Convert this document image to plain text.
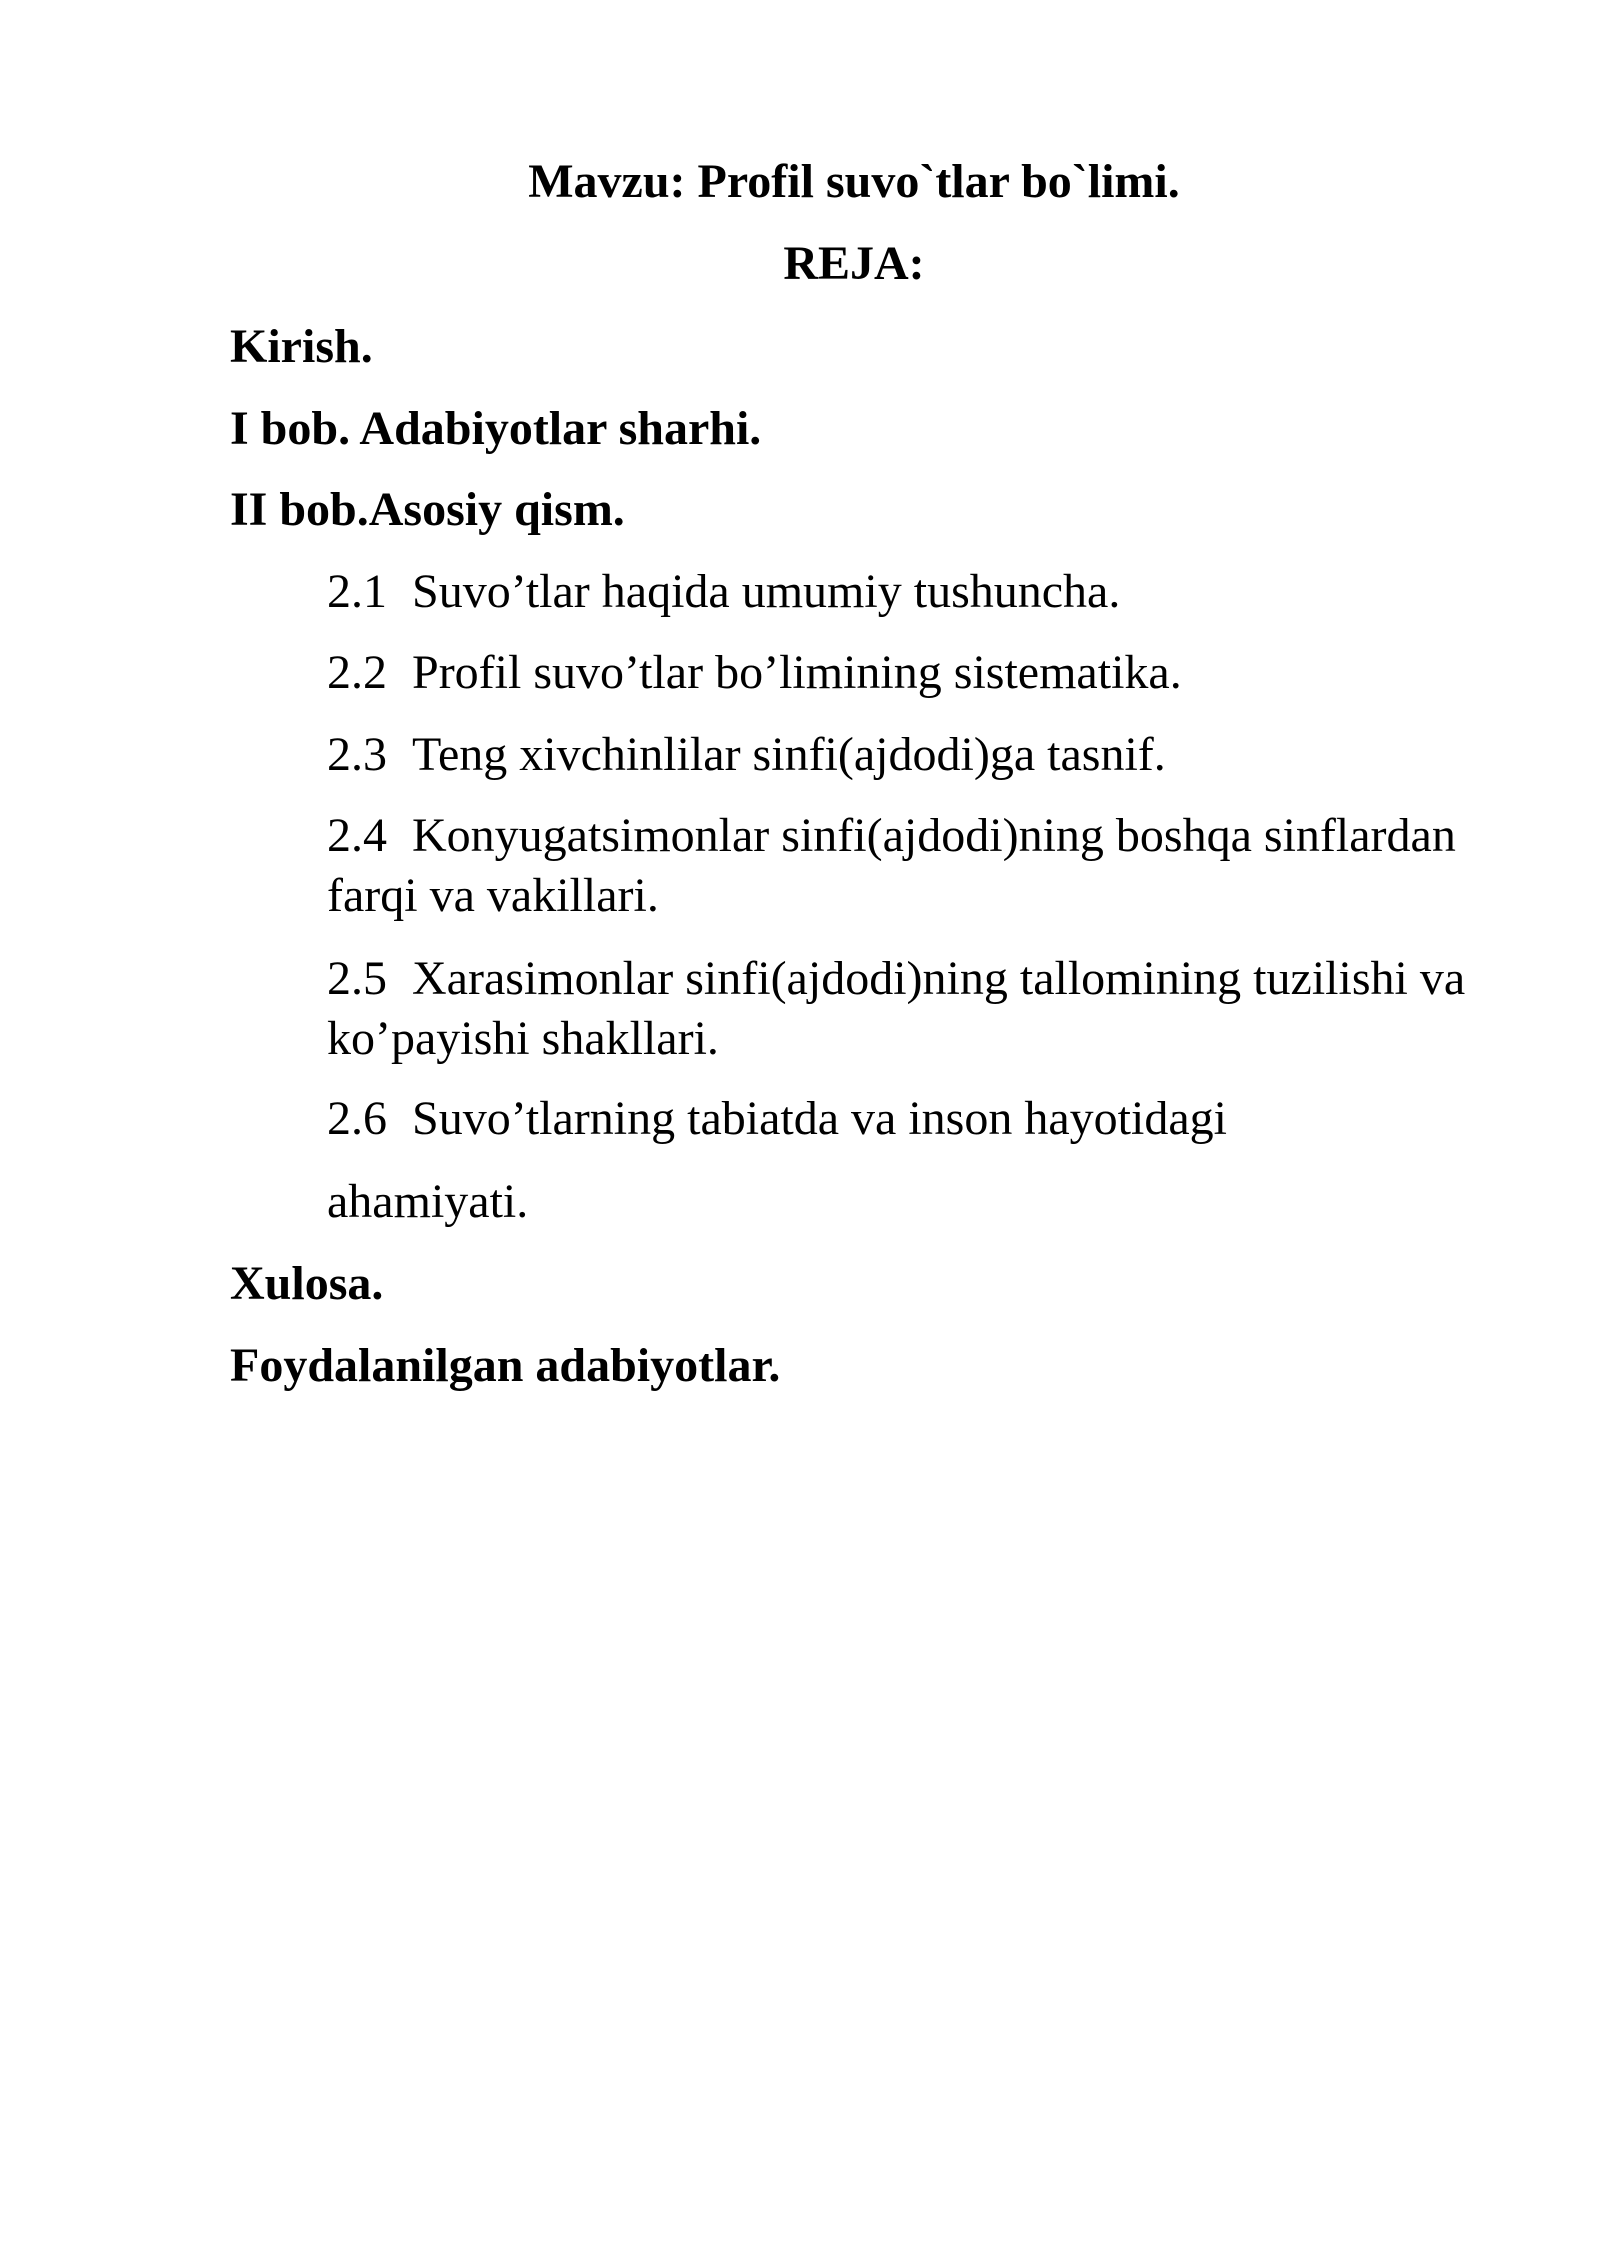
Mavzu: Profil suvo`tlar bo`limi.
REJA:
Kirish.
I bob. Adabiyotlar sharhi.
II bob.Asosiy qism.
2.1 Suvo’tlar haqida umumiy tushuncha.
2.2 Profil suvo’tlar bo’limining sistematika.
2.3 Teng xivchinlilar sinfi(ajdodi)ga tasnif.
2.4 Konyugatsimonlar sinfi(ajdodi)ning boshqa sinflardan farqi va vakillari.
2.5 Xarasimonlar sinfi(ajdodi)ning tallomining tuzilishi va ko’payishi shakllari.
2.6 Suvo’tlarning tabiatda va inson hayotidagi
ahamiyati.
Xulosa.
Foydalanilgan adabiyotlar.
